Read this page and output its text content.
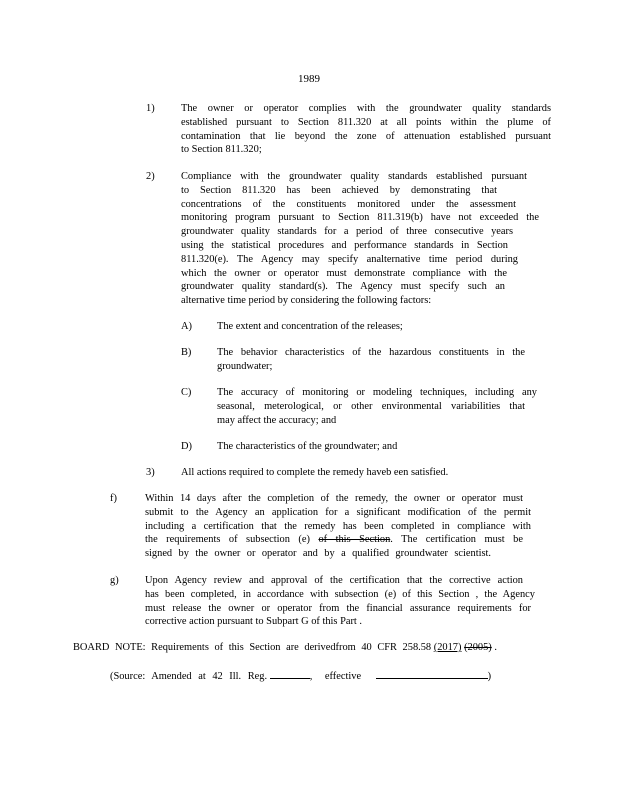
1989
1)	The owner or operator complies with the groundwater quality standards

established pursuant to Section 811.320 at all points within the plume of

contamination that lie beyond the zone of attenuation established pursuant

to Section 811.320;

2)	Compliance with the groundwater quality standards established pursuant

to Section 811.320 has been achieved by demonstrating that

concentrations of the constituents monitored under the assessment

monitoring program pursuant to Section 811.319(b) have not exceeded the

groundwater quality standards for a period of three consecutive years

using the statistical procedures and performance standards in Section

811.320(e). The Agency may specify analternative time period during

which the owner or operator must demonstrate compliance with the

groundwater quality standard(s). The Agency must specify such an

alternative time period by considering the following factors:

A) The extent and concentration of the releases;

B) The behavior characteristics of the hazardous constituents in the

groundwater;

C) The accuracy of monitoring or modeling techniques, including any

seasonal, meterological, or other environmental variabilities that

may affect the accuracy; and

D) The characteristics of the groundwater; and

3)	All actions required to complete the remedy haveb een satisfied.

f)	Within 14 days after the completion of the remedy, the owner or operator must

submit to the Agency an application for a significant modification of the permit

including a certification that the remedy has been completed in compliance with

the requirements of subsection (e) of this Section. The certification must be

signed by the owner or operator and by a qualified groundwater scientist.

g)	Upon Agency review and approval of the certification that the corrective action

has been completed, in accordance with subsection (e) of this Section , the Agency

must release the owner or operator from the financial assurance requirements for

corrective action pursuant to Subpart G of this Part .

BOARD NOTE: Requirements of this Section are derivedfrom 40 CFR 258.58 (2017) (2005) .
(Source: Amended at 42 Ill. Reg.	, effective	)
